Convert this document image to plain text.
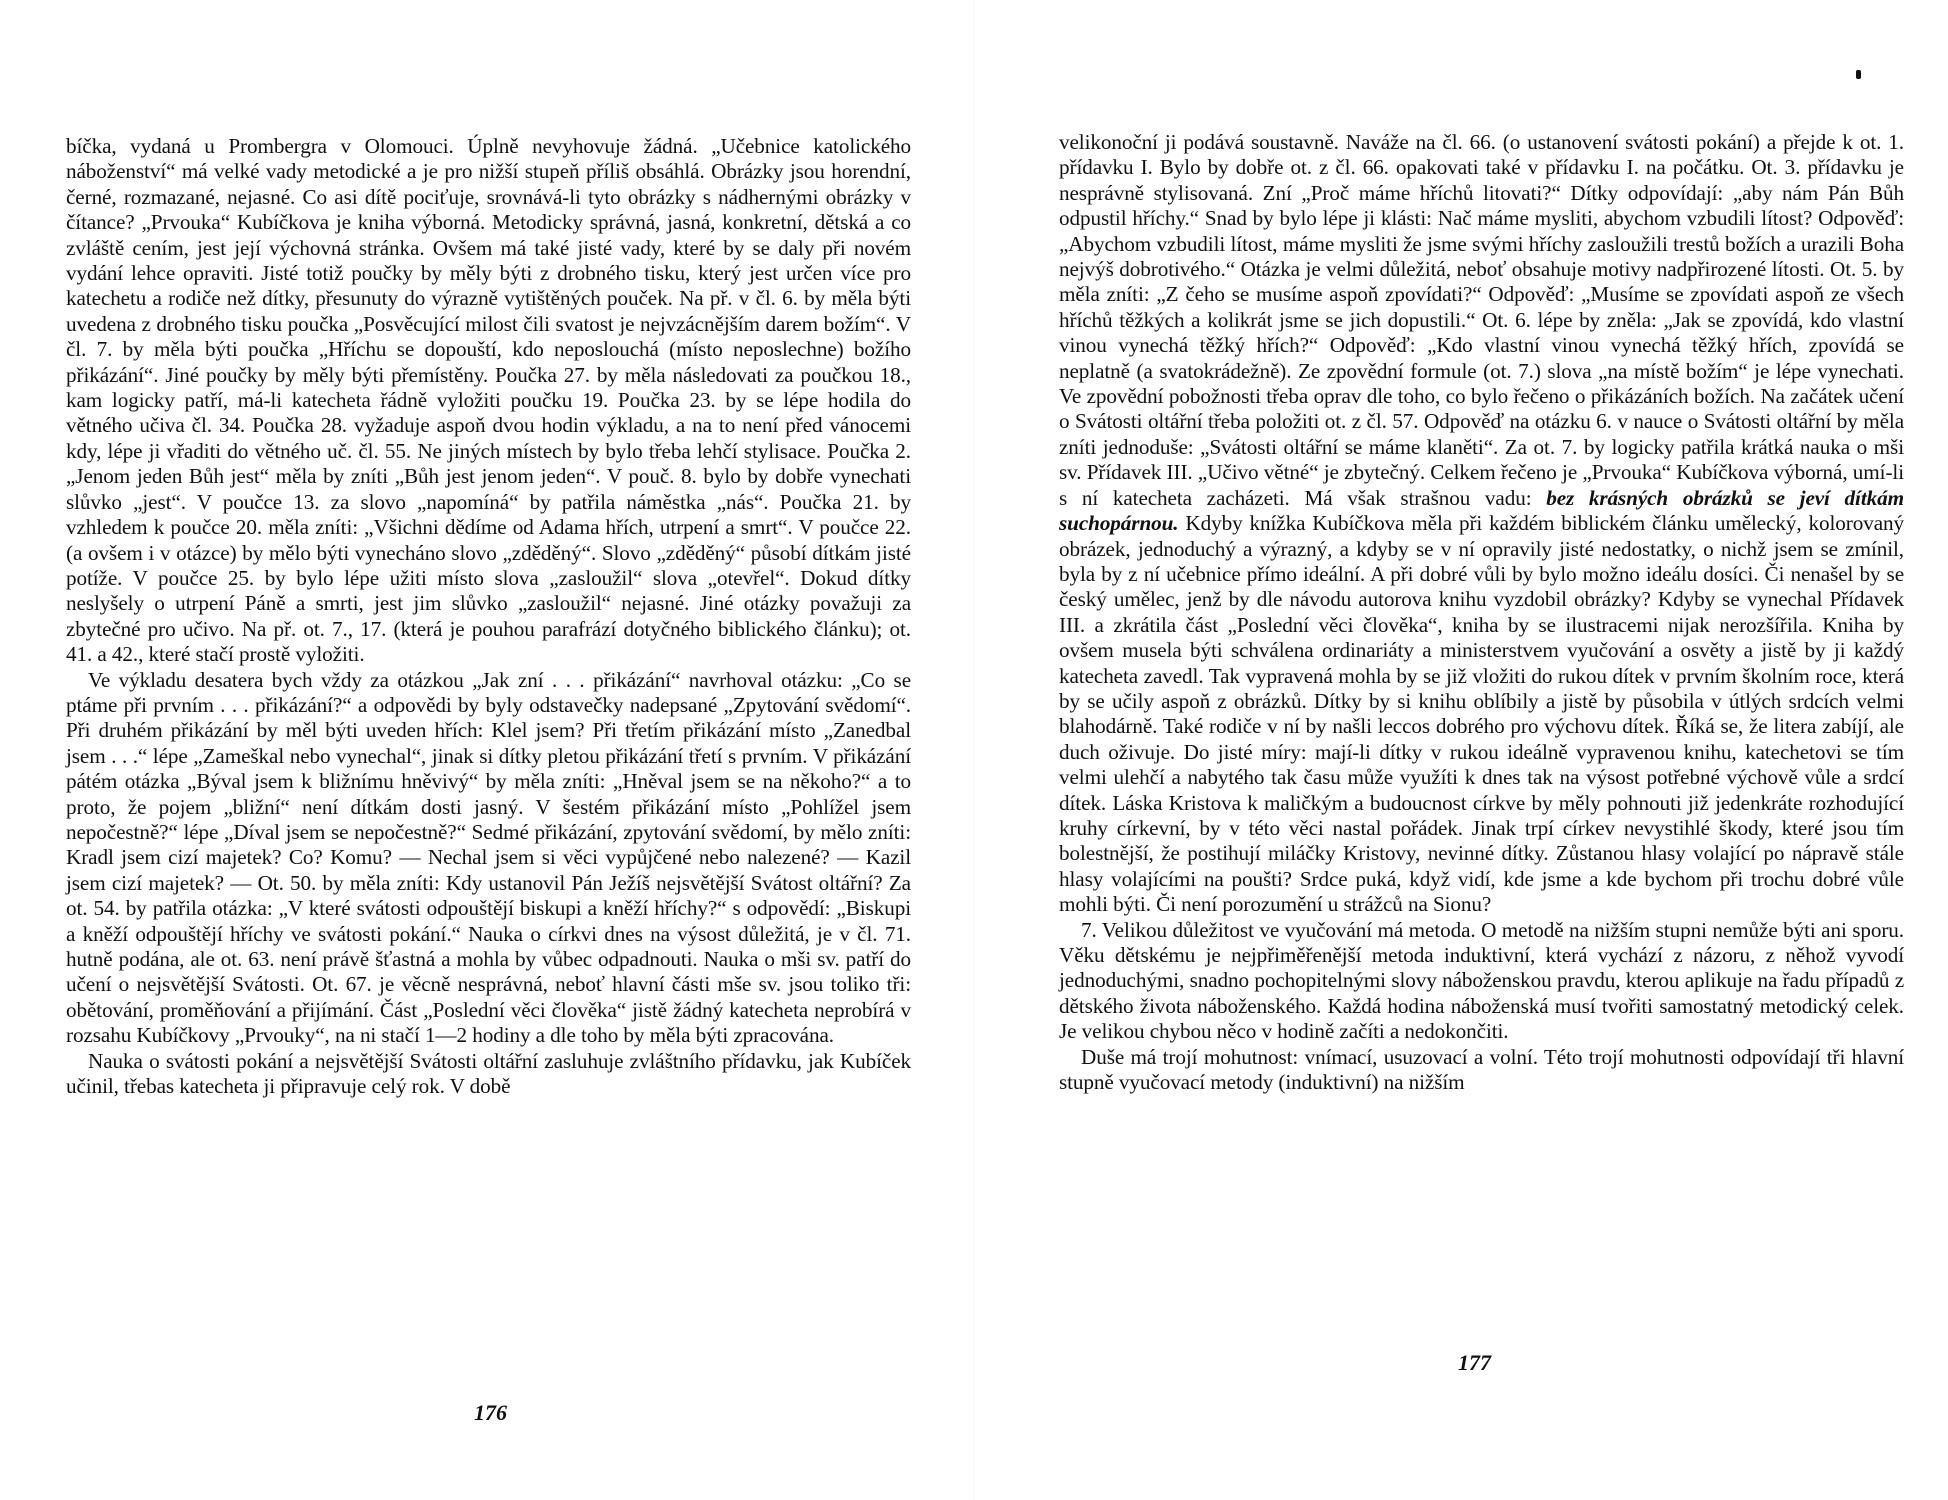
bíčka, vydaná u Prombergra v Olomouci. Úplně nevyhovuje žádná. „Učebnice katolického náboženství“ má velké vady metodické a je pro nižší stupeň příliš obsáhlá. Obrázky jsou horendní, černé, rozmazané, nejasné. Co asi dítě pociťuje, srovnává-li tyto obrázky s nádhernými obrázky v čítance? „Prvouka“ Kubíčkova je kniha výborná. Metodicky správná, jasná, konkretní, dětská a co zvláště cením, jest její výchovná stránka. Ovšem má také jisté vady, které by se daly při novém vydání lehce opraviti. Jisté totiž poučky by měly býti z drobného tisku, který jest určen více pro katechetu a rodiče než dítky, přesunuty do výrazně vytištěných pouček. Na př. v čl. 6. by měla býti uvedena z drobného tisku poučka „Posvěcující milost čili svatost je nejvzácnějším darem božím“. V čl. 7. by měla býti poučka „Hříchu se dopouští, kdo neposlouchá (místo neposlechne) božího přikázání“. Jiné poučky by měly býti přemístěny. Poučka 27. by měla následovati za poučkou 18., kam logicky patří, má-li katecheta řádně vyložiti poučku 19. Poučka 23. by se lépe hodila do větného učiva čl. 34. Poučka 28. vyžaduje aspoň dvou hodin výkladu, a na to není před vánocemi kdy, lépe ji vřaditi do větného uč. čl. 55. Ne jiných místech by bylo třeba lehčí stylisace. Poučka 2. „Jenom jeden Bůh jest“ měla by zníti „Bůh jest jenom jeden“. V pouč. 8. bylo by dobře vynechati slůvko „jest“. V poučce 13. za slovo „napomíná“ by patřila náměstka „nás“. Poučka 21. by vzhledem k poučce 20. měla zníti: „Všichni dědíme od Adama hřích, utrpení a smrt“. V poučce 22. (a ovšem i v otázce) by mělo býti vynecháno slovo „zděděný“. Slovo „zděděný“ působí dítkám jisté potíže. V poučce 25. by bylo lépe užiti místo slova „zasloužil“ slova „otevřel“. Dokud dítky neslyšely o utrpení Páně a smrti, jest jim slůvko „zasloužil“ nejasné. Jiné otázky považuji za zbytečné pro učivo. Na př. ot. 7., 17. (která je pouhou parafrází dotyčného biblického článku); ot. 41. a 42., které stačí prostě vyložiti.

Ve výkladu desatera bych vždy za otázkou „Jak zní . . . přikázání“ navrhoval otázku: „Co se ptáme při prvním . . . přikázání?“ a odpovědi by byly odstavečky nadepsané „Zpytování svědomí“. Při druhém přikázání by měl býti uveden hřích: Klel jsem? Při třetím přikázání místo „Zanedbal jsem . . .“ lépe „Zameškal nebo vynechal“, jinak si dítky pletou přikázání třetí s prvním. V přikázání pátém otázka „Býval jsem k bližnímu hněvivý“ by měla zníti: „Hněval jsem se na někoho?“ a to proto, že pojem „bližní“ není dítkám dosti jasný. V šestém přikázání místo „Pohlížel jsem nepočestně?“ lépe „Díval jsem se nepočestně?“ Sedmé přikázání, zpytování svědomí, by mělo zníti: Kradl jsem cizí majetek? Co? Komu? — Nechal jsem si věci vypůjčené nebo nalezené? — Kazil jsem cizí majetek? — Ot. 50. by měla zníti: Kdy ustanovil Pán Ježíš nejsvětější Svátost oltářní? Za ot. 54. by patřila otázka: „V které svátosti odpouštějí biskupi a kněží hříchy?“ s odpovědí: „Biskupi a kněží odpouštějí hříchy ve svátosti pokání.“ Nauka o církvi dnes na výsost důležitá, je v čl. 71. hutně podána, ale ot. 63. není právě šťastná a mohla by vůbec odpadnouti. Nauka o mši sv. patří do učení o nejsvětější Svátosti. Ot. 67. je věcně nesprávná, neboť hlavní části mše sv. jsou toliko tři: obětování, proměňování a přijímání. Část „Poslední věci člověka“ jistě žádný katecheta neprobírá v rozsahu Kubíčkovy „Prvouky“, na ni stačí 1—2 hodiny a dle toho by měla býti zpracována.

Nauka o svátosti pokání a nejsvětější Svátosti oltářní zasluhuje zvláštního přídavku, jak Kubíček učinil, třebas katecheta ji připravuje celý rok. V době

176

velikonoční ji podává soustavně. Naváže na čl. 66. (o ustanovení svátosti pokání) a přejde k ot. 1. přídavku I. Bylo by dobře ot. z čl. 66. opakovati také v přídavku I. na počátku. Ot. 3. přídavku je nesprávně stylisovaná. Zní „Proč máme hříchů litovati?“ Dítky odpovídají: „aby nám Pán Bůh odpustil hříchy.“ Snad by bylo lépe ji klásti: Nač máme mysliti, abychom vzbudili lítost? Odpověď: „Abychom vzbudili lítost, máme mysliti že jsme svými hříchy zasloužili trestů božích a urazili Boha nejvýš dobrotivého.“ Otázka je velmi důležitá, neboť obsahuje motivy nadpřirozené lítosti. Ot. 5. by měla zníti: „Z čeho se musíme aspoň zpovídati?“ Odpověď: „Musíme se zpovídati aspoň ze všech hříchů těžkých a kolikrát jsme se jich dopustili.“ Ot. 6. lépe by zněla: „Jak se zpovídá, kdo vlastní vinou vynechá těžký hřích?“ Odpověď: „Kdo vlastní vinou vynechá těžký hřích, zpovídá se neplatně (a svatokrádežně). Ze zpovědní formule (ot. 7.) slova „na místě božím“ je lépe vynechati. Ve zpovědní pobožnosti třeba oprav dle toho, co bylo řečeno o přikázáních božích. Na začátek učení o Svátosti oltářní třeba položiti ot. z čl. 57. Odpověď na otázku 6. v nauce o Svátosti oltářní by měla zníti jednoduše: „Svátosti oltářní se máme klaněti“. Za ot. 7. by logicky patřila krátká nauka o mši sv. Přídavek III. „Učivo větné“ je zbytečný. Celkem řečeno je „Prvouka“ Kubíčkova výborná, umí-li s ní katecheta zacházeti. Má však strašnou vadu: bez krásných obrázků se jeví dítkám suchopárnou. Kdyby knížka Kubíčkova měla při každém biblickém článku umělecký, kolorovaný obrázek, jednoduchý a výrazný, a kdyby se v ní opravily jisté nedostatky, o nichž jsem se zmínil, byla by z ní učebnice přímo ideální. A při dobré vůli by bylo možno ideálu dosíci. Či nenašel by se český umělec, jenž by dle návodu autorova knihu vyzdobil obrázky? Kdyby se vynechal Přídavek III. a zkrátila část „Poslední věci člověka“, kniha by se ilustracemi nijak nerozšířila. Kniha by ovšem musela býti schválena ordinariáty a ministerstvem vyučování a osvěty a jistě by ji každý katecheta zavedl. Tak vypravená mohla by se již vložiti do rukou dítek v prvním školním roce, která by se učily aspoň z obrázků. Dítky by si knihu oblíbily a jistě by působila v útlých srdcích velmi blahodárně. Také rodiče v ní by našli leccos dobrého pro výchovu dítek. Říká se, že litera zabíjí, ale duch oživuje. Do jisté míry: mají-li dítky v rukou ideálně vypravenou knihu, katechetovi se tím velmi ulehčí a nabytého tak času může využíti k dnes tak na výsost potřebné výchově vůle a srdcí dítek. Láska Kristova k maličkým a budoucnost církve by měly pohnouti již jedenkráte rozhodující kruhy církevní, by v této věci nastal pořádek. Jinak trpí církev nevystihlé škody, které jsou tím bolestnější, že postihují miláčky Kristovy, nevinné dítky. Zůstanou hlasy volající po nápravě stále hlasy volajícími na poušti? Srdce puká, když vidí, kde jsme a kde bychom při trochu dobré vůle mohli býti. Či není porozumění u strážců na Sionu?

7. Velikou důležitost ve vyučování má metoda. O metodě na nižším stupni nemůže býti ani sporu. Věku dětskému je nejpřiměřenější metoda induktivní, která vychází z názoru, z něhož vyvodí jednoduchými, snadno pochopitelnými slovy náboženskou pravdu, kterou aplikuje na řadu případů z dětského života náboženského. Každá hodina náboženská musí tvořiti samostatný metodický celek. Je velikou chybou něco v hodině začíti a nedokončiti.

Duše má trojí mohutnost: vnímací, usuzovací a volní. Této trojí mohutnosti odpovídají tři hlavní stupně vyučovací metody (induktivní) na nižším

177
